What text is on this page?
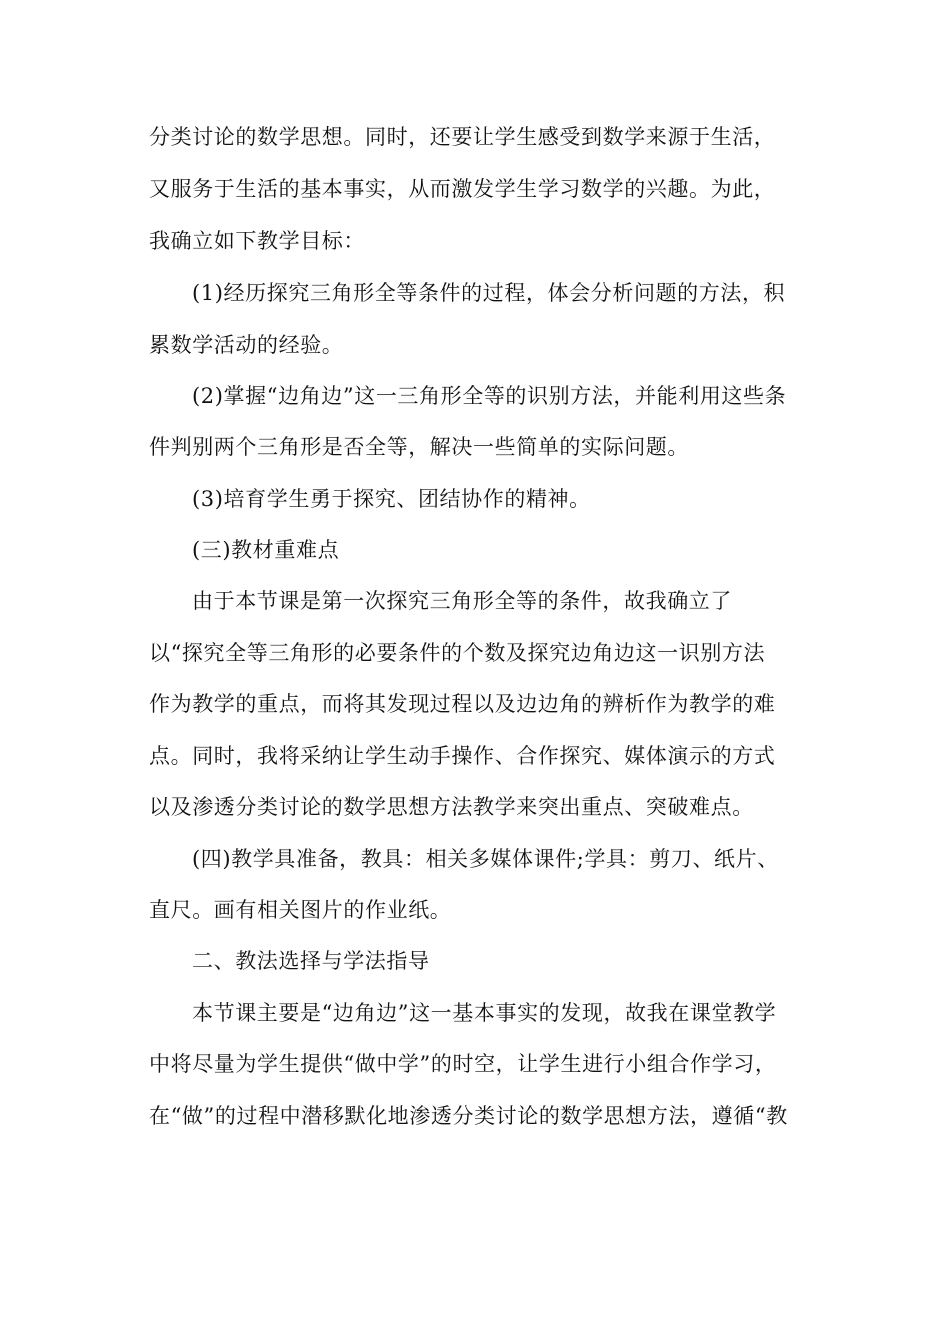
分类讨论的数学思想。同时，还要让学生感受到数学来源于生活，

又服务于生活的基本事实，从而激发学生学习数学的兴趣。为此，

我确立如下教学目标：

(1)经历探究三角形全等条件的过程，体会分析问题的方法，积

累数学活动的经验。

(2)掌握“边角边”这一三角形全等的识别方法，并能利用这些条

件判别两个三角形是否全等，解决一些简单的实际问题。

(3)培育学生勇于探究、团结协作的精神。

(三)教材重难点

由于本节课是第一次探究三角形全等的条件，故我确立了

以“探究全等三角形的必要条件的个数及探究边角边这一识别方法

作为教学的重点，而将其发现过程以及边边角的辨析作为教学的难

点。同时，我将采纳让学生动手操作、合作探究、媒体演示的方式

以及渗透分类讨论的数学思想方法教学来突出重点、突破难点。

(四)教学具准备，教具：相关多媒体课件;学具：剪刀、纸片、

直尺。画有相关图片的作业纸。

二、教法选择与学法指导

本节课主要是“边角边”这一基本事实的发现，故我在课堂教学

中将尽量为学生提供“做中学”的时空，让学生进行小组合作学习，

在“做”的过程中潜移默化地渗透分类讨论的数学思想方法，遵循“教
